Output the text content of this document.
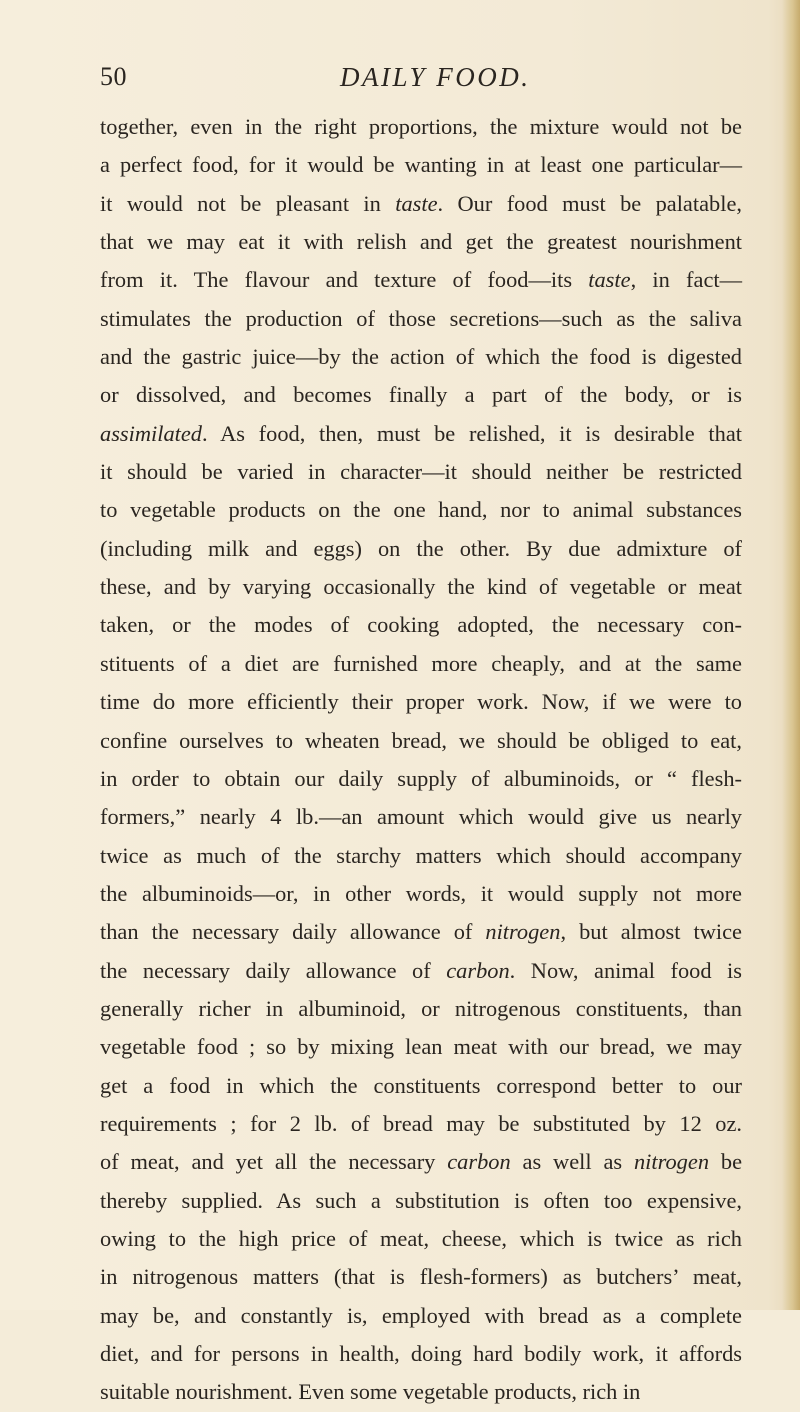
50	DAILY FOOD.
together, even in the right proportions, the mixture would not be
a perfect food, for it would be wanting in at least one particular—
it would not be pleasant in taste. Our food must be palatable,
that we may eat it with relish and get the greatest nourishment
from it. The flavour and texture of food—its taste, in fact—
stimulates the production of those secretions—such as the saliva
and the gastric juice—by the action of which the food is digested
or dissolved, and becomes finally a part of the body, or is
assimilated. As food, then, must be relished, it is desirable that
it should be varied in character—it should neither be restricted
to vegetable products on the one hand, nor to animal substances
(including milk and eggs) on the other. By due admixture of
these, and by varying occasionally the kind of vegetable or meat
taken, or the modes of cooking adopted, the necessary con-
stituents of a diet are furnished more cheaply, and at the same
time do more efficiently their proper work. Now, if we were to
confine ourselves to wheaten bread, we should be obliged to eat,
in order to obtain our daily supply of albuminoids, or “ flesh-
formers,” nearly 4 lb.—an amount which would give us nearly
twice as much of the starchy matters which should accompany
the albuminoids—or, in other words, it would supply not more
than the necessary daily allowance of nitrogen, but almost twice
the necessary daily allowance of carbon. Now, animal food is
generally richer in albuminoid, or nitrogenous constituents, than
vegetable food ; so by mixing lean meat with our bread, we may
get a food in which the constituents correspond better to our
requirements ; for 2 lb. of bread may be substituted by 12 oz.
of meat, and yet all the necessary carbon as well as nitrogen be
thereby supplied. As such a substitution is often too expensive,
owing to the high price of meat, cheese, which is twice as rich
in nitrogenous matters (that is flesh-formers) as butchers’ meat,
may be, and constantly is, employed with bread as a complete
diet, and for persons in health, doing hard bodily work, it affords
suitable nourishment. Even some vegetable products, rich in
